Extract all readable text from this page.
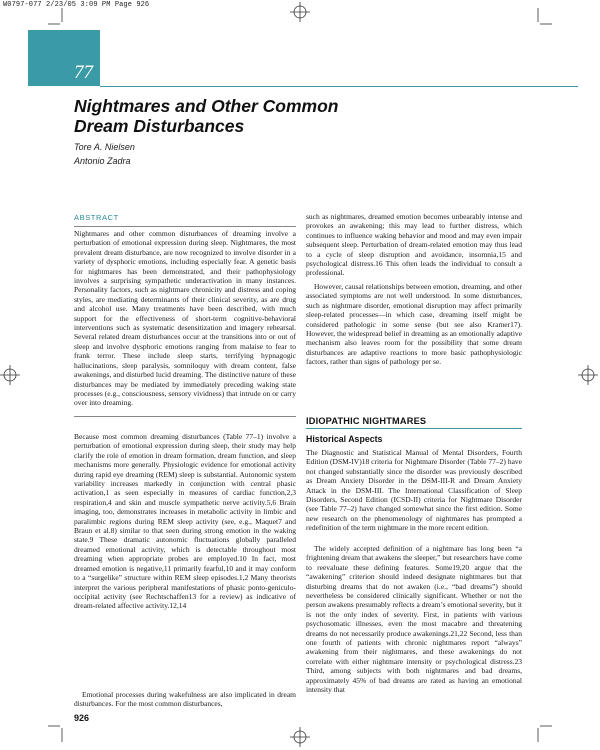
W0797-077 2/23/05 3:09 PM Page 926
77
Nightmares and Other Common
Dream Disturbances
Tore A. Nielsen
Antonio Zadra
ABSTRACT

Nightmares and other common disturbances of dreaming involve a perturbation of emotional expression during sleep. Nightmares, the most prevalent dream disturbance, are now recognized to involve disorder in a variety of dysphoric emotions, including especially fear. A genetic basis for nightmares has been demonstrated, and their pathophysiology involves a surprising sympathetic underactivation in many instances. Personality factors, such as nightmare chronicity and distress and coping styles, are mediating determinants of their clinical severity, as are drug and alcohol use. Many treatments have been described, with much support for the effectiveness of short-term cognitive-behavioral interventions such as systematic desensitization and imagery rehearsal. Several related dream disturbances occur at the transitions into or out of sleep and involve dysphoric emotions ranging from malaise to fear to frank terror. These include sleep starts, terrifying hypnagogic hallucinations, sleep paralysis, somniloquy with dream content, false awakenings, and disturbed lucid dreaming. The distinctive nature of these disturbances may be mediated by immediately preceding waking state processes (e.g., consciousness, sensory vividness) that intrude on or carry over into dreaming.

Because most common dreaming disturbances (Table 77–1) involve a perturbation of emotional expression during sleep, their study may help clarify the role of emotion in dream formation, dream function, and sleep mechanisms more generally. Physiologic evidence for emotional activity during rapid eye dreaming (REM) sleep is substantial. Autonomic system variability increases markedly in conjunction with central phasic activation,1 as seen especially in measures of cardiac function,2,3 respiration,4 and skin and muscle sympathetic nerve activity.5,6 Brain imaging, too, demonstrates increases in metabolic activity in limbic and paralimbic regions during REM sleep activity (see, e.g., Maquet7 and Braun et al.8) similar to that seen during strong emotion in the waking state.9 These dramatic autonomic fluctuations globally paralleled dreamed emotional activity, which is detectable throughout most dreaming when appropriate probes are employed.10 In fact, most dreamed emotion is negative,11 primarily fearful,10 and it may conform to a “surgelike” structure within REM sleep episodes.1,2 Many theorists interpret the various peripheral manifestations of phasic ponto-geniculo-occipital activity (see Rechtschaffen13 for a review) as indicative of dream-related affective activity.12,14

Emotional processes during wakefulness are also implicated in dream disturbances. For the most common disturbances,

such as nightmares, dreamed emotion becomes unbearably intense and provokes an awakening; this may lead to further distress, which continues to influence waking behavior and mood and may even impair subsequent sleep. Perturbation of dream-related emotion may thus lead to a cycle of sleep disruption and avoidance, insomnia,15 and psychological distress.16 This often leads the individual to consult a professional.

However, causal relationships between emotion, dreaming, and other associated symptoms are not well understood. In some disturbances, such as nightmare disorder, emotional disruption may affect primarily sleep-related processes—in which case, dreaming itself might be considered pathologic in some sense (but see also Kramer17). However, the widespread belief in dreaming as an emotionally adaptive mechanism also leaves room for the possibility that some dream disturbances are adaptive reactions to more basic pathophysiologic factors, rather than signs of pathology per se.

IDIOPATHIC NIGHTMARES
Historical Aspects

The Diagnostic and Statistical Manual of Mental Disorders, Fourth Edition (DSM-IV)18 criteria for Nightmare Disorder (Table 77–2) have not changed substantially since the disorder was previously described as Dream Anxiety Disorder in the DSM-III-R and Dream Anxiety Attack in the DSM-III. The International Classification of Sleep Disorders, Second Edition (ICSD-II) criteria for Nightmare Disorder (see Table 77–2) have changed somewhat since the first edition. Some new research on the phenomenology of nightmares has prompted a redefinition of the term nightmare in the more recent edition.

The widely accepted definition of a nightmare has long been “a frightening dream that awakens the sleeper,” but researchers have come to reevaluate these defining features. Some19,20 argue that the “awakening” criterion should indeed designate nightmares but that disturbing dreams that do not awaken (i.e., “bad dreams”) should nevertheless be considered clinically significant. Whether or not the person awakens presumably reflects a dream’s emotional severity, but it is not the only index of severity. First, in patients with various psychosomatic illnesses, even the most macabre and threatening dreams do not necessarily produce awakenings.21,22 Second, less than one fourth of patients with chronic nightmares report “always” awakening from their nightmares, and these awakenings do not correlate with either nightmare intensity or psychological distress.23 Third, among subjects with both nightmares and bad dreams, approximately 45% of bad dreams are rated as having an emotional intensity that

926
